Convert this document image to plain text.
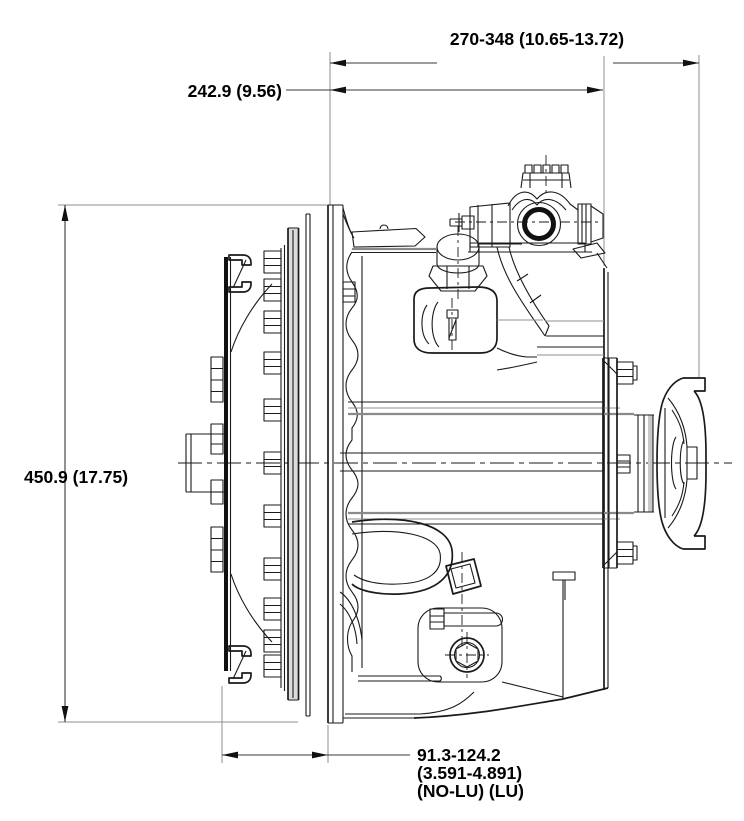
270-348 (10.65-13.72)
242.9 (9.56)
450.9 (17.75)
91.3-124.2
(3.591-4.891)
(NO-LU) (LU)
